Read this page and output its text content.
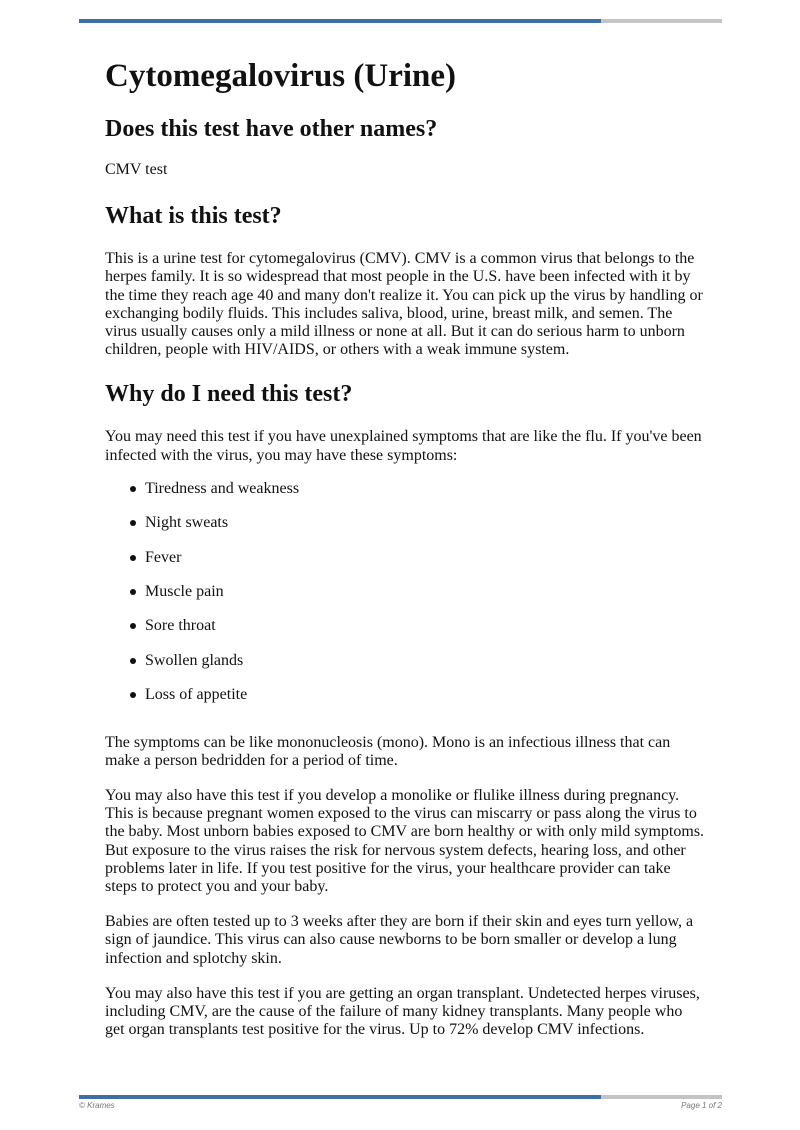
Cytomegalovirus (Urine)
Does this test have other names?

CMV test

What is this test?

This is a urine test for cytomegalovirus (CMV). CMV is a common virus that belongs to the herpes family. It is so widespread that most people in the U.S. have been infected with it by the time they reach age 40 and many don't realize it. You can pick up the virus by handling or exchanging bodily fluids. This includes saliva, blood, urine, breast milk, and semen. The virus usually causes only a mild illness or none at all. But it can do serious harm to unborn children, people with HIV/AIDS, or others with a weak immune system.

Why do I need this test?

You may need this test if you have unexplained symptoms that are like the flu. If you've been infected with the virus, you may have these symptoms:

Tiredness and weakness
Night sweats
Fever
Muscle pain
Sore throat
Swollen glands
Loss of appetite

The symptoms can be like mononucleosis (mono). Mono is an infectious illness that can make a person bedridden for a period of time.

You may also have this test if you develop a monolike or flulike illness during pregnancy. This is because pregnant women exposed to the virus can miscarry or pass along the virus to the baby. Most unborn babies exposed to CMV are born healthy or with only mild symptoms. But exposure to the virus raises the risk for nervous system defects, hearing loss, and other problems later in life. If you test positive for the virus, your healthcare provider can take steps to protect you and your baby.

Babies are often tested up to 3 weeks after they are born if their skin and eyes turn yellow, a sign of jaundice. This virus can also cause newborns to be born smaller or develop a lung infection and splotchy skin.

You may also have this test if you are getting an organ transplant. Undetected herpes viruses, including CMV, are the cause of the failure of many kidney transplants. Many people who get organ transplants test positive for the virus. Up to 72% develop CMV infections.

© Krames	Page 1 of 2
